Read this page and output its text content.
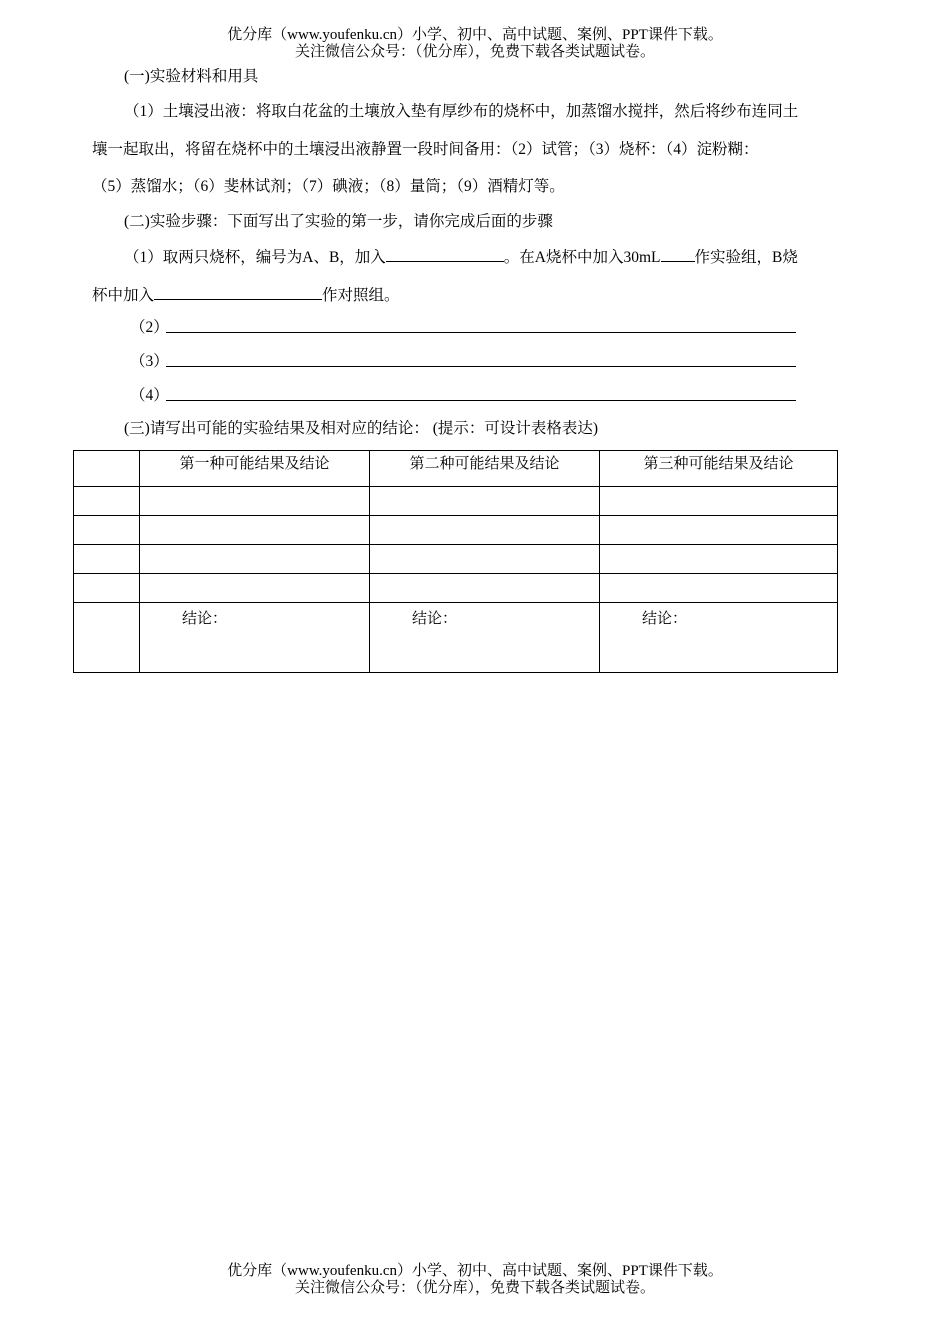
优分库（www.youfenku.cn）小学、初中、高中试题、案例、PPT课件下载。
关注微信公众号：（优分库），免费下载各类试题试卷。
(一)实验材料和用具
（1）土壤浸出液：将取白花盆的土壤放入垫有厚纱布的烧杯中，加蒸馏水搅拌，然后将纱布连同土
壤一起取出，将留在烧杯中的土壤浸出液静置一段时间备用：（2）试管；（3）烧杯：（4）淀粉糊：
（5）蒸馏水；（6）斐林试剂；（7）碘液；（8）量筒；（9）酒精灯等。
(二)实验步骤：下面写出了实验的第一步，请你完成后面的步骤
（1）取两只烧杯，编号为A、B，加入	。在A烧杯中加入30mL 作实验组，B烧
杯中加入	作对照组。
（2）
（3）
（4）
(三)请写出可能的实验结果及相对应的结论： (提示：可设计表格表达)
	第一种可能结果及结论	第二种可能结果及结论	第三种可能结果及结论

	结论：	结论：	结论：
优分库（www.youfenku.cn）小学、初中、高中试题、案例、PPT课件下载。
关注微信公众号：（优分库），免费下载各类试题试卷。
